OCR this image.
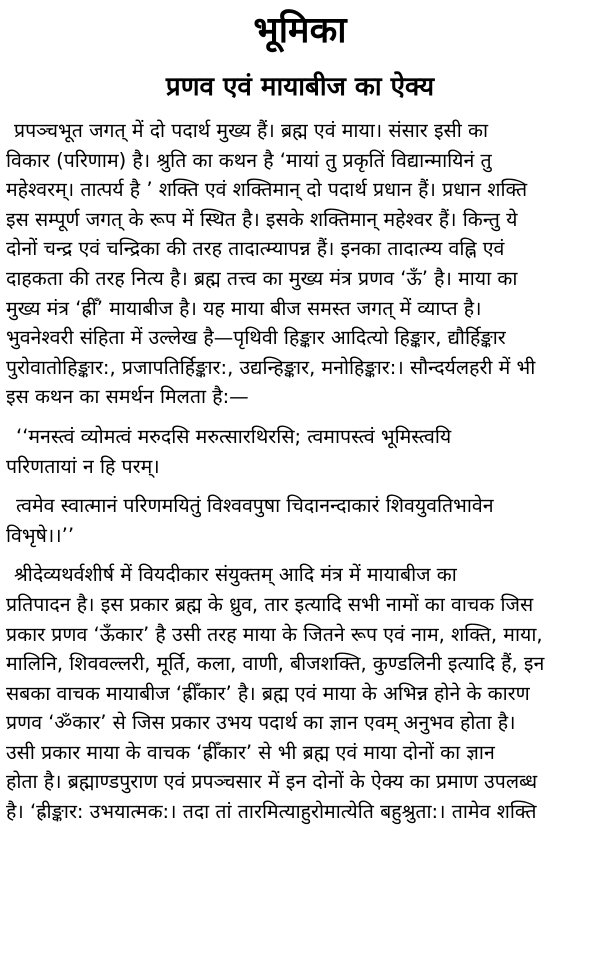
भूमिका
प्रणव एवं मायाबीज का ऐक्य
प्रपञ्चभूत जगत् में दो पदार्थ मुख्य हैं। ब्रह्म एवं माया। संसार इसी का
विकार (परिणाम) है। श्रुति का कथन है ‘मायां तु प्रकृतिं विद्यान्मायिनं तु
महेश्वरम्। तात्पर्य है ’ शक्ति एवं शक्तिमान् दो पदार्थ प्रधान हैं। प्रधान शक्ति
इस सम्पूर्ण जगत् के रूप में स्थित है। इसके शक्तिमान् महेश्वर हैं। किन्तु ये
दोनों चन्द्र एवं चन्द्रिका की तरह तादात्म्यापन्न हैं। इनका तादात्म्य वह्नि एवं
दाहकता की तरह नित्य है। ब्रह्म तत्त्व का मुख्य मंत्र प्रणव ‘ऊँ’ है। माया का
मुख्य मंत्र ‘ह्रीँ’ मायाबीज है। यह माया बीज समस्त जगत् में व्याप्त है।
भुवनेश्वरी संहिता में उल्लेख है—पृथिवी हिङ्कार आदित्यो हिङ्कार, द्यौर्हिङ्कार
पुरोवातोहिङ्कार:, प्रजापतिर्हिङ्कार:, उद्यन्हिङ्कार, मनोहिङ्कार:। सौन्दर्यलहरी में भी
इस कथन का समर्थन मिलता है:—
‘‘मनस्त्वं व्योमत्वं मरुदसि मरुत्सारथिरसि; त्वमापस्त्वं भूमिस्त्वयि
परिणतायां न हि परम्।
त्वमेव स्वात्मानं परिणमयितुं विश्ववपुषा चिदानन्दाकारं शिवयुवतिभावेन
विभृषे।।’’
श्रीदेव्यथर्वशीर्ष में वियदीकार संयुक्तम् आदि मंत्र में मायाबीज का
प्रतिपादन है। इस प्रकार ब्रह्म के ध्रुव, तार इत्यादि सभी नामों का वाचक जिस
प्रकार प्रणव ‘ऊँकार’ है उसी तरह माया के जितने रूप एवं नाम, शक्ति, माया,
मालिनि, शिववल्लरी, मूर्ति, कला, वाणी, बीजशक्ति, कुण्डलिनी इत्यादि हैं, इन
सबका वाचक मायाबीज ‘ह्रीँकार’ है। ब्रह्म एवं माया के अभिन्न होने के कारण
प्रणव ‘ॐकार’ से जिस प्रकार उभय पदार्थ का ज्ञान एवम् अनुभव होता है।
उसी प्रकार माया के वाचक ‘ह्रीँकार’ से भी ब्रह्म एवं माया दोनों का ज्ञान
होता है। ब्रह्माण्डपुराण एवं प्रपञ्चसार में इन दोनों के ऐक्य का प्रमाण उपलब्ध
है। ‘ह्रीङ्कार: उभयात्मक:। तदा तां तारमित्याहुरोमात्येति बहुश्रुता:। तामेव शक्ति
